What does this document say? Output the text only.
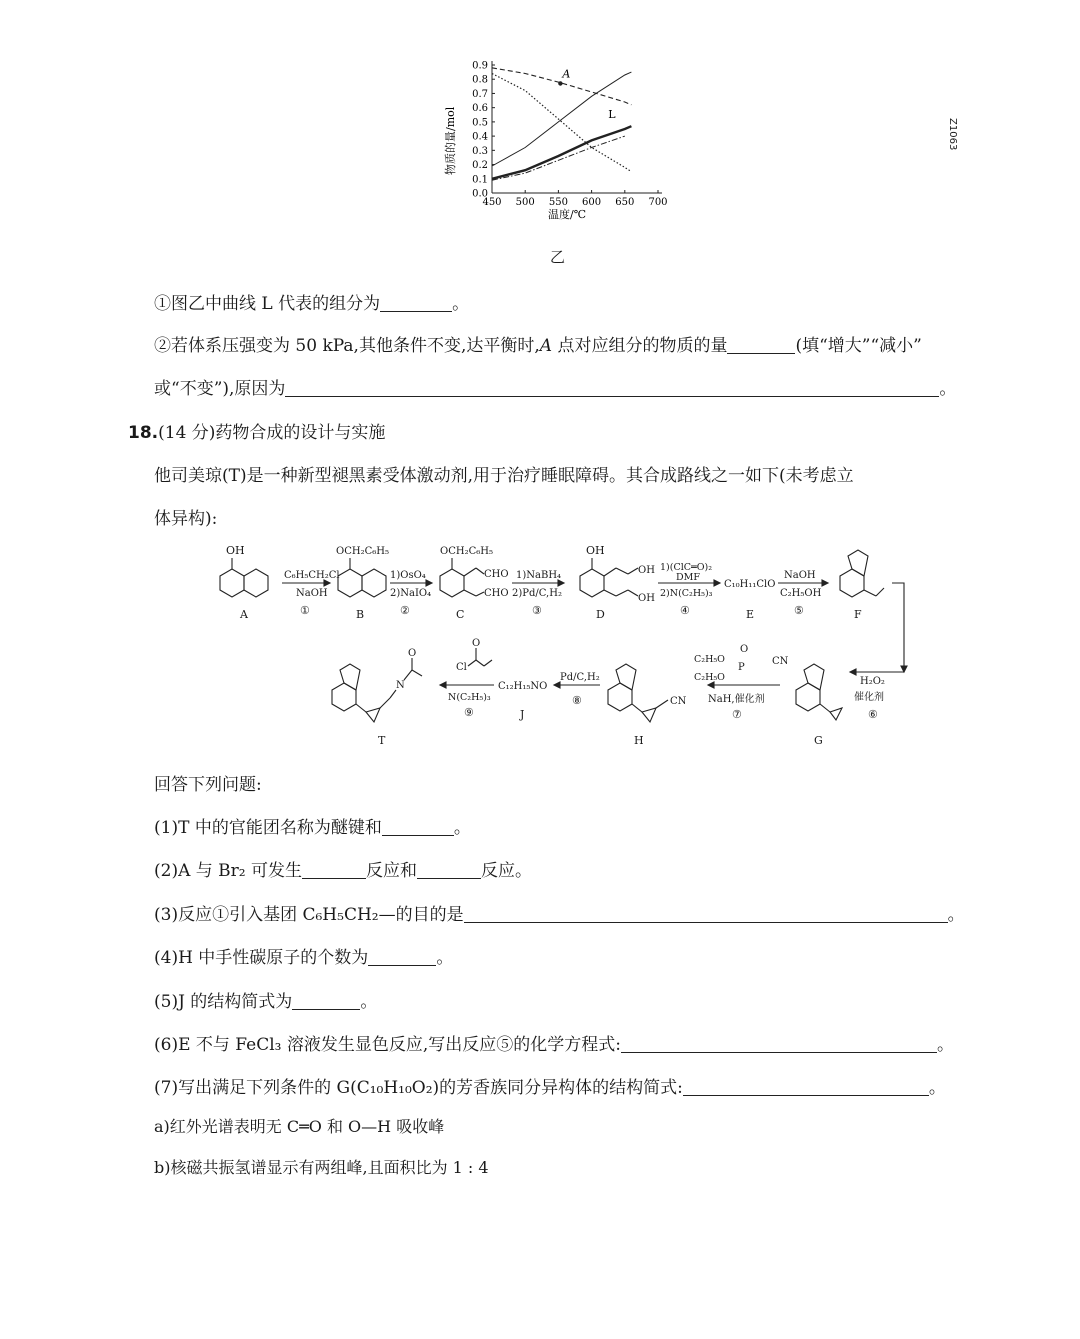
Z1063
0.0
0.1
0.2
0.3
0.4
0.5
0.6
0.7
0.8
0.9
450 500 550 600 650 700
A
L
物质的量/mol
温度/℃
乙
①图乙中曲线 L 代表的组分为	。
②若体系压强变为 50 kPa,其他条件不变,达平衡时,A 点对应组分的物质的量	(填“增大”“减小”
或“不变”),原因为	。
18.(14 分)药物合成的设计与实施
他司美琼(T)是一种新型褪黑素受体激动剂,用于治疗睡眠障碍。其合成路线之一如下(未考虑立
体异构):
OH
A
C₆H₅CH₂Cl
NaOH
①
OCH₂C₆H₅
B
1)OsO₄
2)NaIO₄
②
OCH₂C₆H₅
CHO
CHO
C
1)NaBH₄
2)Pd/C,H₂
③
OH
OH
OH
D
1)(ClC═O)₂
DMF
2)N(C₂H₅)₃
④
C₁₀H₁₁ClO
E
NaOH
C₂H₅OH
⑤	F
H₂O₂
催化剂
⑥
G
C₂H₅O
C₂H₅O
P
O
CN
NaH,催化剂
⑦
CN
H
Pd/C,H₂
⑧
C₁₂H₁₅NO
J
Cl
O
N(C₂H₅)₃
⑨
N
O
T
回答下列问题:
(1)T 中的官能团名称为醚键和	。
(2)A 与 Br₂ 可发生	反应和	反应。
(3)反应①引入基团 C₆H₅CH₂—的目的是	。
(4)H 中手性碳原子的个数为	。
(5)J 的结构简式为	。
(6)E 不与 FeCl₃ 溶液发生显色反应,写出反应⑤的化学方程式:	。
(7)写出满足下列条件的 G(C₁₀H₁₀O₂)的芳香族同分异构体的结构简式:	。
a)红外光谱表明无 C═O 和 O—H 吸收峰
b)核磁共振氢谱显示有两组峰,且面积比为 1 : 4
